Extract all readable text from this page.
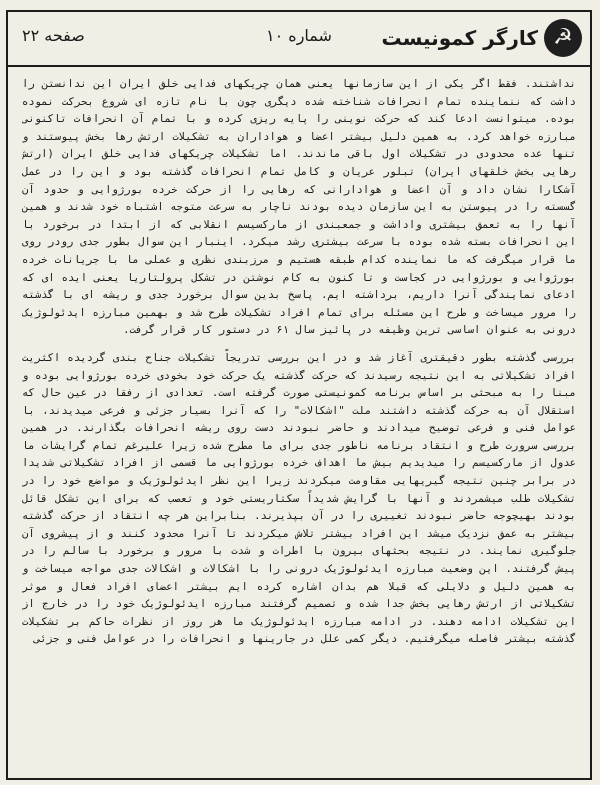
☭
کارگر کمونیست
شماره ۱۰
صفحه ۲۲

نداشتند. فقط اگر یکی از این سازمانها یعنی همان چریکهای فدایی خلق ایران این ندانستن را داشت که ننماینده تمام انحرافات شناخته شده دیگری چون با نام تازه ای شروع بحرکت نموده بوده. میتوانست ادعا کند که حرکت نوینی را پایه ریزی کرده و با تمام آن انحرافات تاکنونی مبارزه خواهد کرد. به همین دلیل بیشتر اعضا و هواداران به تشکیلات ارتش رها بخش پیوستند و تنها عده محدودی در تشکیلات اول باقی ماندند. اما تشکیلات چریکهای فدایی خلق ایران (ارتش رهایی بخش خلقهای ایران) تبلور عریان و کامل تمام انحرافات گذشته بود و این را در عمل آشکارا نشان داد و آن اعضا و هوادارانی که رهایی را از حرکت خرده بورژوایی و حدود آن گسسته را در پیوستن به این سازمان دیده بودند ناچار به سرعت متوجه اشتباه خود شدند و همین آنها را به تعمق بیشتری واداشت و جمعبندی از مارکسیسم انقلابی که از ابتدا در برخورد با این انحرافات بسته شده بوده با سرعت بیشتری رشد میکرد. اینبار این سوال بطور جدی رودر روی ما قرار میگرفت که ما نماینده کدام طبقه هستیم و مرزبندی نظری و عملی ما با جریانات خرده بورژوایی و بورژوایی در کجاست و تا کنون به کام نوشتن در تشکل پرولتاریا یعنی ایده ای که ادعای نمایندگی آنرا داریم، برداشته ایم. پاسخ بدین سوال برخورد جدی و ریشه ای با گذشته را مرور میساخت و طرح این مسئله برای تمام افراد تشکیلات طرح شد و بهمین مبارزه ایدئولوژیک درونی به عنوان اساسی ترین وظیفه در پائیز سال ۶۱ در دستور کار قرار گرفت.

بررسی گذشته بطور دقیقتری آغاز شد و در این بررسی تدریجاً تشکیلات جناح بندی گردیده اکثریت افراد تشکیلاتی به این نتیجه رسیدند که حرکت گذشته یک حرکت خود بخودی خرده بورژوایی بوده و مبنا را به مبحثی بر اساس برنامه کمونیستی صورت گرفته است. تعدادی از رفقا در عین حال که استقلال آن به حرکت گذشته داشتند ملت "اشکالات" را که آنرا بسیار جزئی و فرعی میدیدند، با عوامل فنی و فرعی توضیح میدادند و حاضر نبودند دست روی ریشه انحرافات بگذارند. در همین بررسی سرورت طرح و انتقاد برنامه ناطور جدی برای ما مطرح شده زیرا علیرغم تمام گرایشات ما عدول از مارکسیسم را میدیدیم بیش ما اهداف خرده بورژوایی ما قسمی از افراد تشکیلاتی شدیدا در برابر چنین نتیجه گیریهایی مقاومت میکردند زیرا این نظر ایدئولوژیک و مواضع خود را در تشکیلات طلب میشمردند و آنها با گرایش شدیداً سکتاریستی خود و تعصب که برای این تشکل قائل بودند بهیچوجه حاضر نبودند تغییری را در آن بپذیرند. بنابراین هر چه انتقاد از حرکت گذشته بیشتر به عمق نزدیک میشد این افراد بیشتر تلاش میکردند تا آنرا محدود کنند و از پیشروی آن جلوگیری نمایند. در نتیجه بحثهای بیرون با اطرات و شدت با مرور و برخورد با سالم را در پیش گرفتند. این وضعیت مبارزه ایدئولوژیک درونی را با اشکالات و اشکالات جدی مواجه میساخت و به همین دلیل و دلایلی که قبلا هم بدان اشاره کرده ایم بیشتر اعضای افراد فعال و موثر تشکیلاتی از ارتش رهایی بخش جدا شده و تصمیم گرفتند مبارزه ایدئولوژیک خود را در خارج از این تشکیلات ادامه دهند. در ادامه مبارزه ایدئولوژیک ما هر روز از نظرات حاکم بر تشکیلات گذشته بیشتر فاصله میگرفتیم. دیگر کمی علل در جارینها و انحرافات را در عوامل فنی و جزئی
